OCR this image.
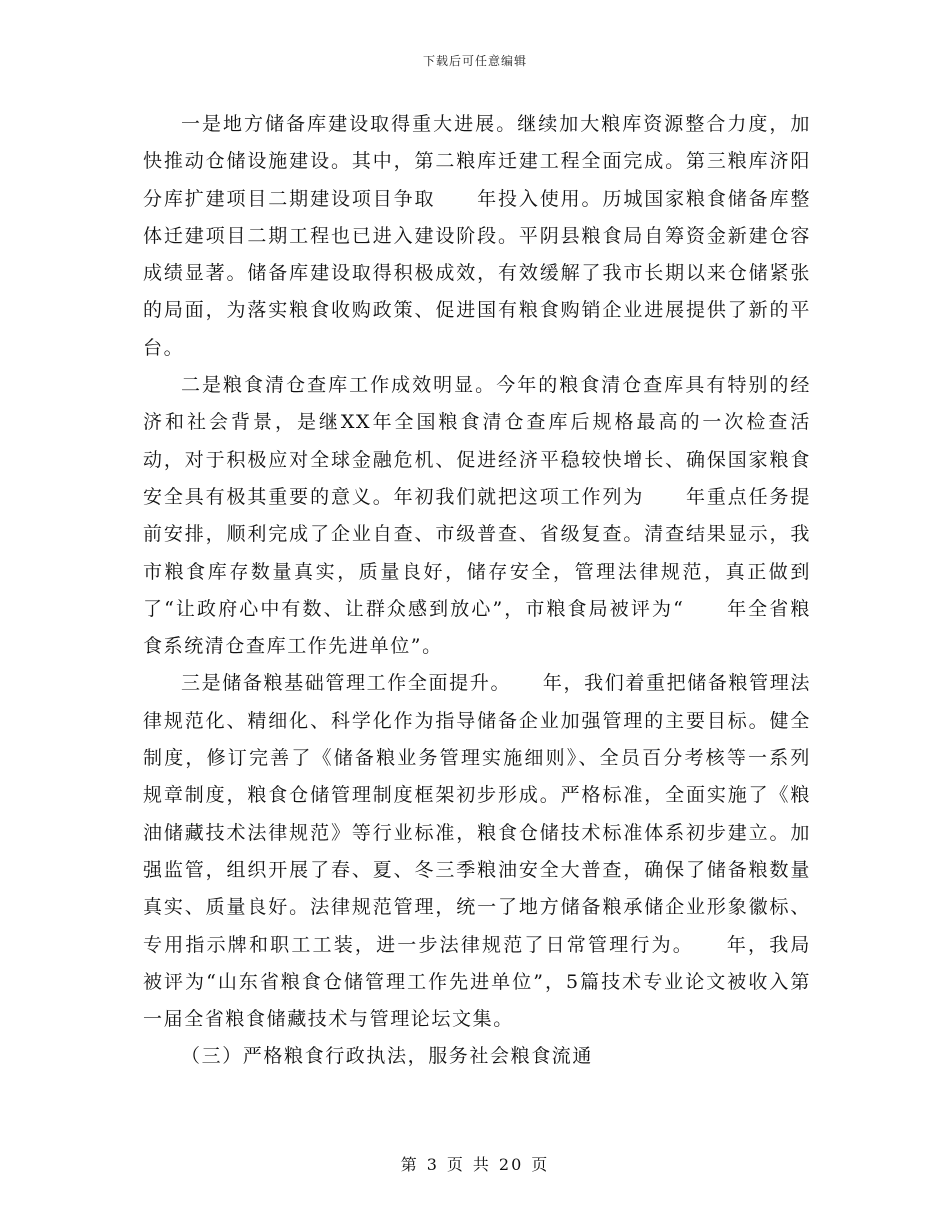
下载后可任意编辑

一是地方储备库建设取得重大进展。继续加大粮库资源整合力度，加快推动仓储设施建设。其中，第二粮库迁建工程全面完成。第三粮库济阳分库扩建项目二期建设项目争取　　年投入使用。历城国家粮食储备库整体迁建项目二期工程也已进入建设阶段。平阴县粮食局自筹资金新建仓容成绩显著。储备库建设取得积极成效，有效缓解了我市长期以来仓储紧张的局面，为落实粮食收购政策、促进国有粮食购销企业进展提供了新的平台。

二是粮食清仓查库工作成效明显。今年的粮食清仓查库具有特别的经济和社会背景，是继XX年全国粮食清仓查库后规格最高的一次检查活动，对于积极应对全球金融危机、促进经济平稳较快增长、确保国家粮食安全具有极其重要的意义。年初我们就把这项工作列为　　年重点任务提前安排，顺利完成了企业自查、市级普查、省级复查。清查结果显示，我市粮食库存数量真实，质量良好，储存安全，管理法律规范，真正做到了“让政府心中有数、让群众感到放心”，市粮食局被评为“　　年全省粮食系统清仓查库工作先进单位”。

三是储备粮基础管理工作全面提升。　　年，我们着重把储备粮管理法律规范化、精细化、科学化作为指导储备企业加强管理的主要目标。健全制度，修订完善了《储备粮业务管理实施细则》、全员百分考核等一系列规章制度，粮食仓储管理制度框架初步形成。严格标准，全面实施了《粮油储藏技术法律规范》等行业标准，粮食仓储技术标准体系初步建立。加强监管，组织开展了春、夏、冬三季粮油安全大普查，确保了储备粮数量真实、质量良好。法律规范管理，统一了地方储备粮承储企业形象徽标、专用指示牌和职工工装，进一步法律规范了日常管理行为。　　年，我局被评为“山东省粮食仓储管理工作先进单位”，5篇技术专业论文被收入第一届全省粮食储藏技术与管理论坛文集。

（三）严格粮食行政执法，服务社会粮食流通

第 3 页 共 20 页
